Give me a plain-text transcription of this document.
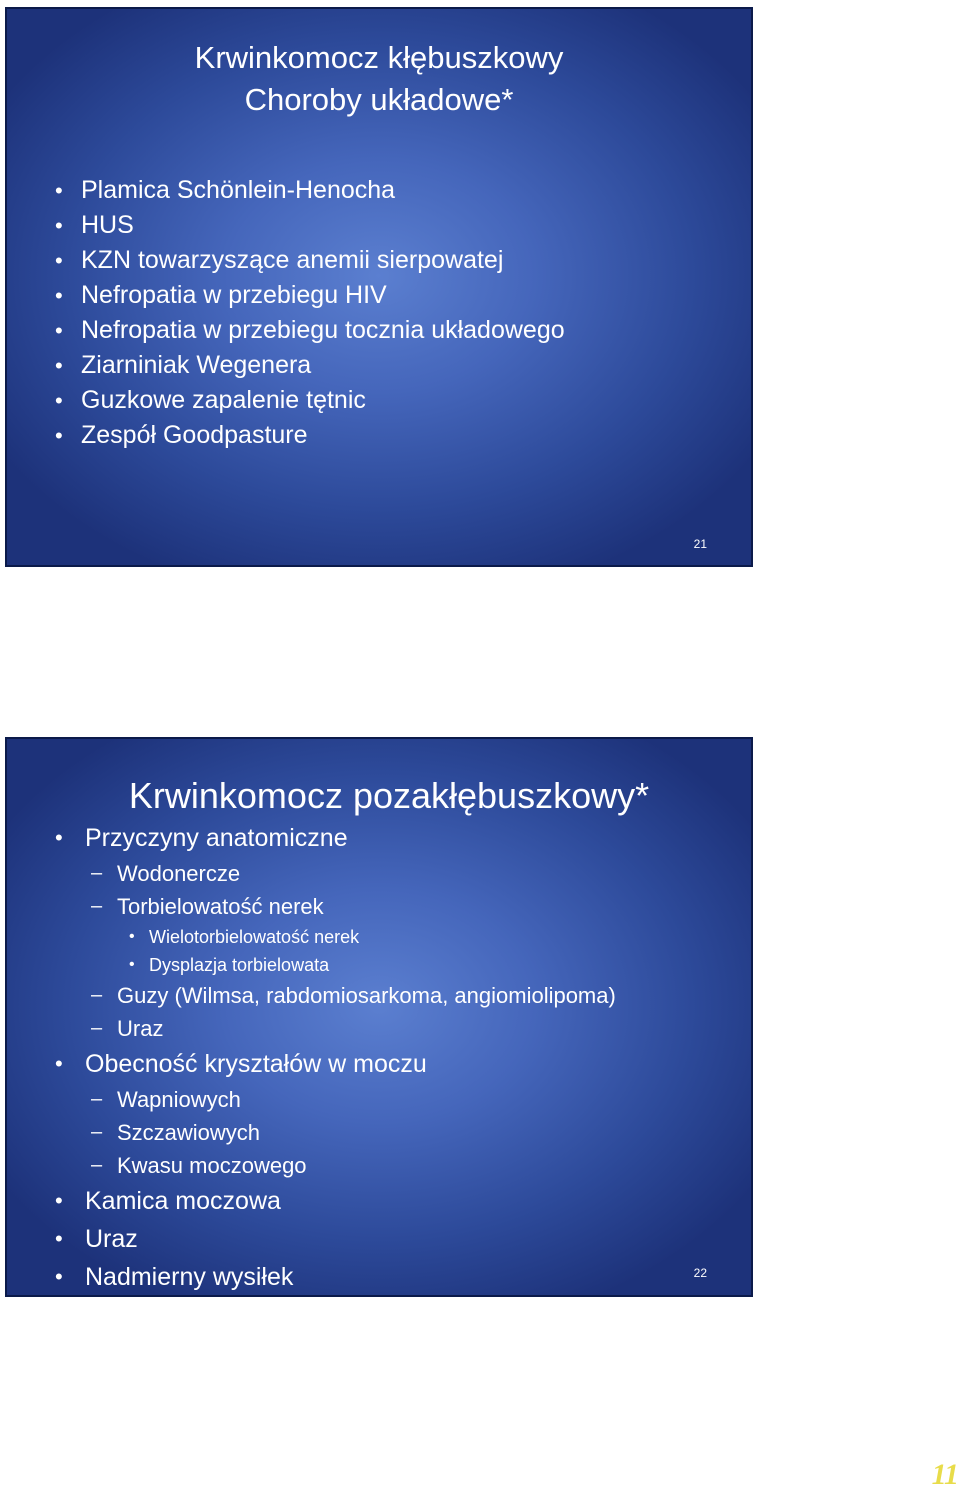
Krwinkomocz kłębuszkowy
Choroby układowe*
• Plamica Schönlein-Henocha
• HUS
• KZN towarzyszące anemii sierpowatej
• Nefropatia w przebiegu HIV
• Nefropatia w przebiegu tocznia układowego
• Ziarniniak Wegenera
• Guzkowe zapalenie tętnic
• Zespół Goodpasture
21
Krwinkomocz pozakłębuszkowy*
• Przyczyny anatomiczne
– Wodonercze
– Torbielowatość nerek
• Wielotorbielowatość nerek
• Dysplazja torbielowata
– Guzy (Wilmsa, rabdomiosarkoma, angiomiolipoma)
– Uraz
• Obecność kryształów w moczu
– Wapniowych
– Szczawiowych
– Kwasu moczowego
• Kamica moczowa
• Uraz
• Nadmierny wysiłek	22
11
